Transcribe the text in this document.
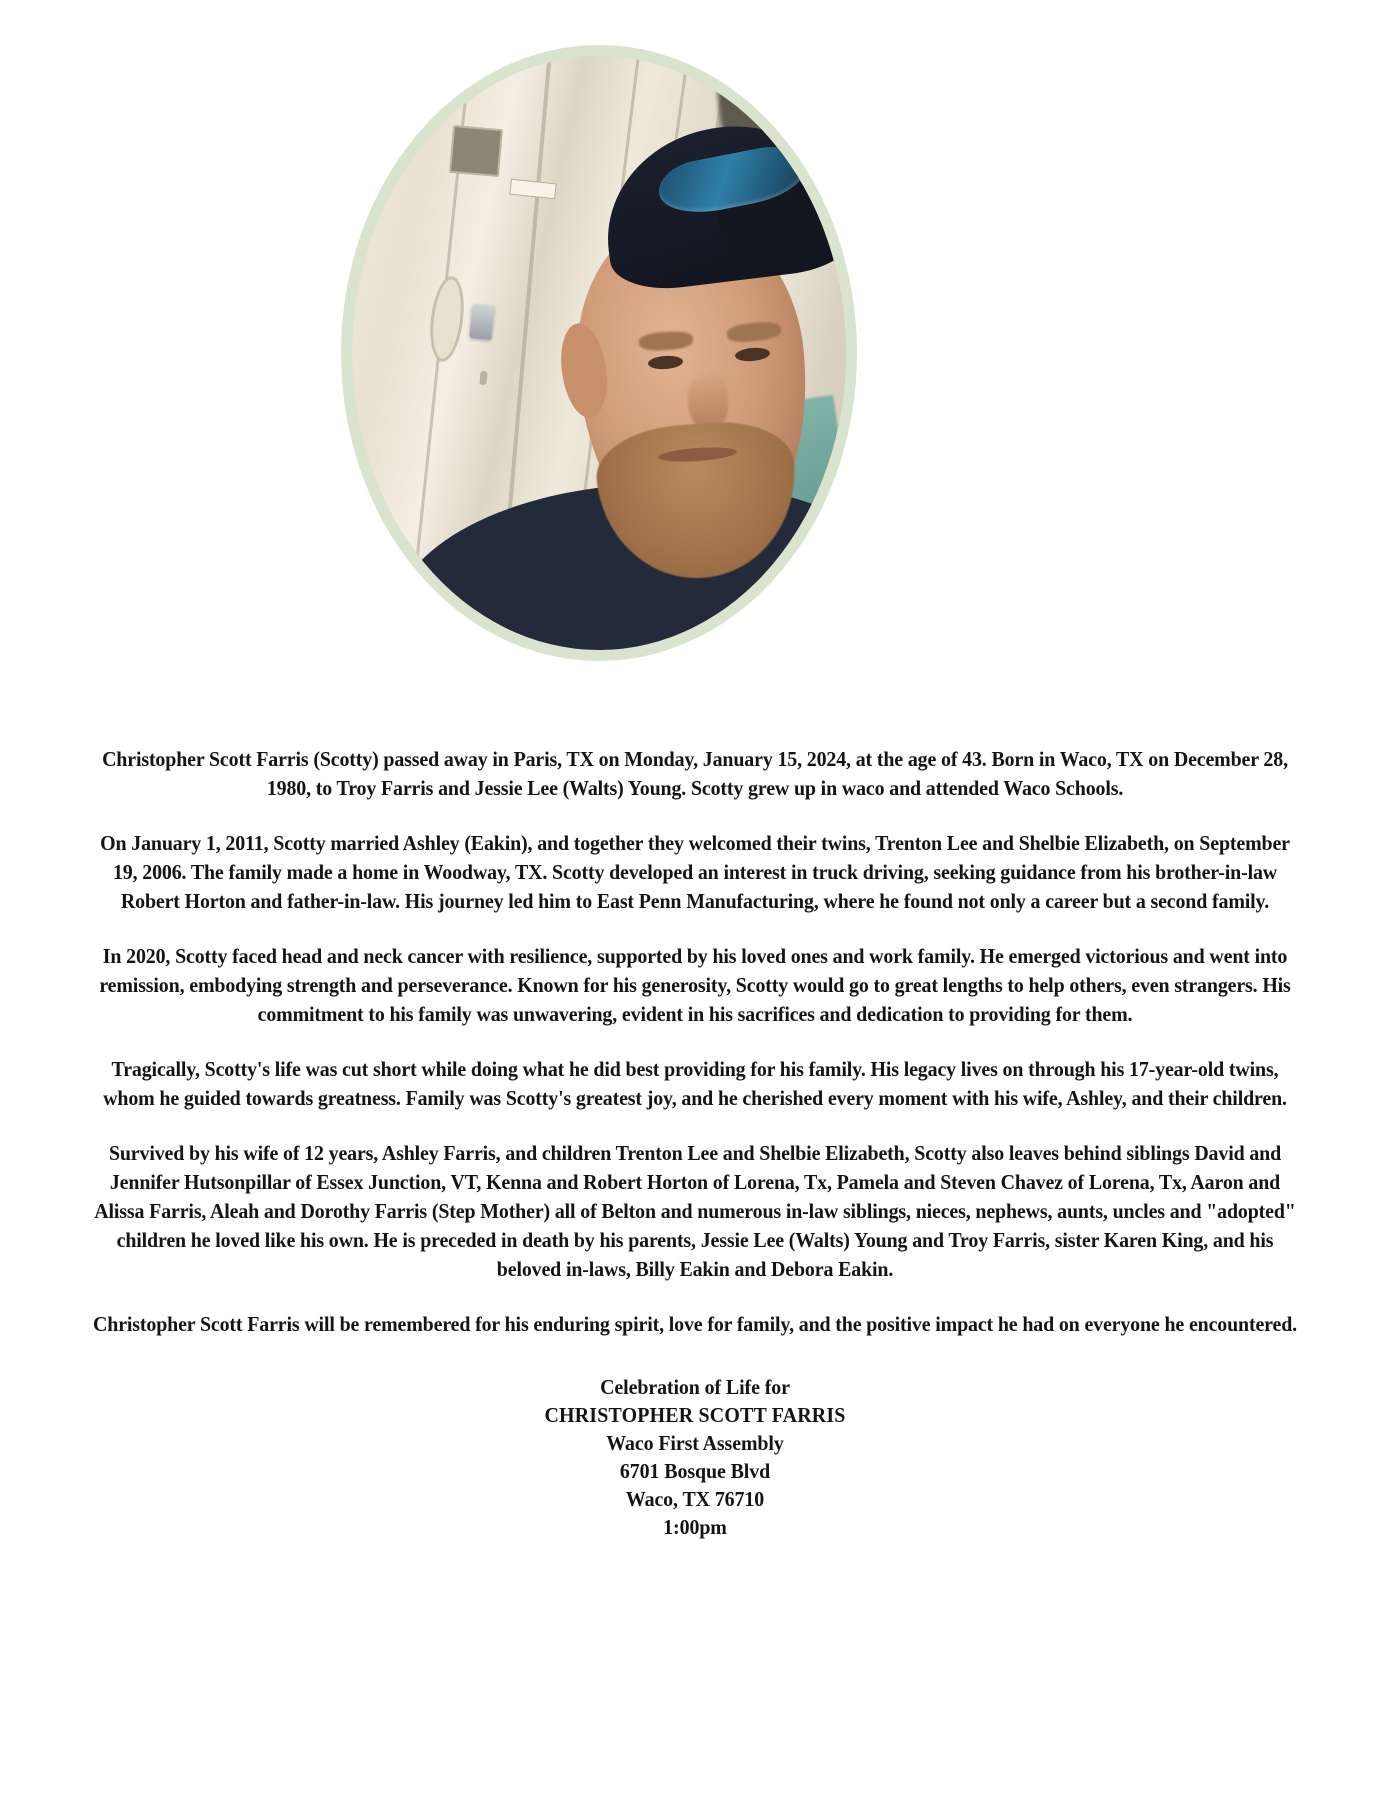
Christopher Scott Farris (Scotty) passed away in Paris, TX on Monday, January 15, 2024, at the age of 43. Born in Waco, TX on December 28, 1980, to Troy Farris and Jessie Lee (Walts) Young. Scotty grew up in waco and attended Waco Schools.

On January 1, 2011, Scotty married Ashley (Eakin), and together they welcomed their twins, Trenton Lee and Shelbie Elizabeth, on September 19, 2006. The family made a home in Woodway, TX. Scotty developed an interest in truck driving, seeking guidance from his brother-in-law Robert Horton and father-in-law. His journey led him to East Penn Manufacturing, where he found not only a career but a second family.

In 2020, Scotty faced head and neck cancer with resilience, supported by his loved ones and work family. He emerged victorious and went into remission, embodying strength and perseverance. Known for his generosity, Scotty would go to great lengths to help others, even strangers. His commitment to his family was unwavering, evident in his sacrifices and dedication to providing for them.

Tragically, Scotty's life was cut short while doing what he did best providing for his family. His legacy lives on through his 17-year-old twins, whom he guided towards greatness. Family was Scotty's greatest joy, and he cherished every moment with his wife, Ashley, and their children.

Survived by his wife of 12 years, Ashley Farris, and children Trenton Lee and Shelbie Elizabeth, Scotty also leaves behind siblings David and Jennifer Hutsonpillar of Essex Junction, VT, Kenna and Robert Horton of Lorena, Tx, Pamela and Steven Chavez of Lorena, Tx, Aaron and Alissa Farris, Aleah and Dorothy Farris (Step Mother) all of Belton and numerous in-law siblings, nieces, nephews, aunts, uncles and "adopted" children he loved like his own. He is preceded in death by his parents, Jessie Lee (Walts) Young and Troy Farris, sister Karen King, and his beloved in-laws, Billy Eakin and Debora Eakin.

Christopher Scott Farris will be remembered for his enduring spirit, love for family, and the positive impact he had on everyone he encountered.

Celebration of Life for
CHRISTOPHER SCOTT FARRIS
Waco First Assembly
6701 Bosque Blvd
Waco, TX 76710
1:00pm
